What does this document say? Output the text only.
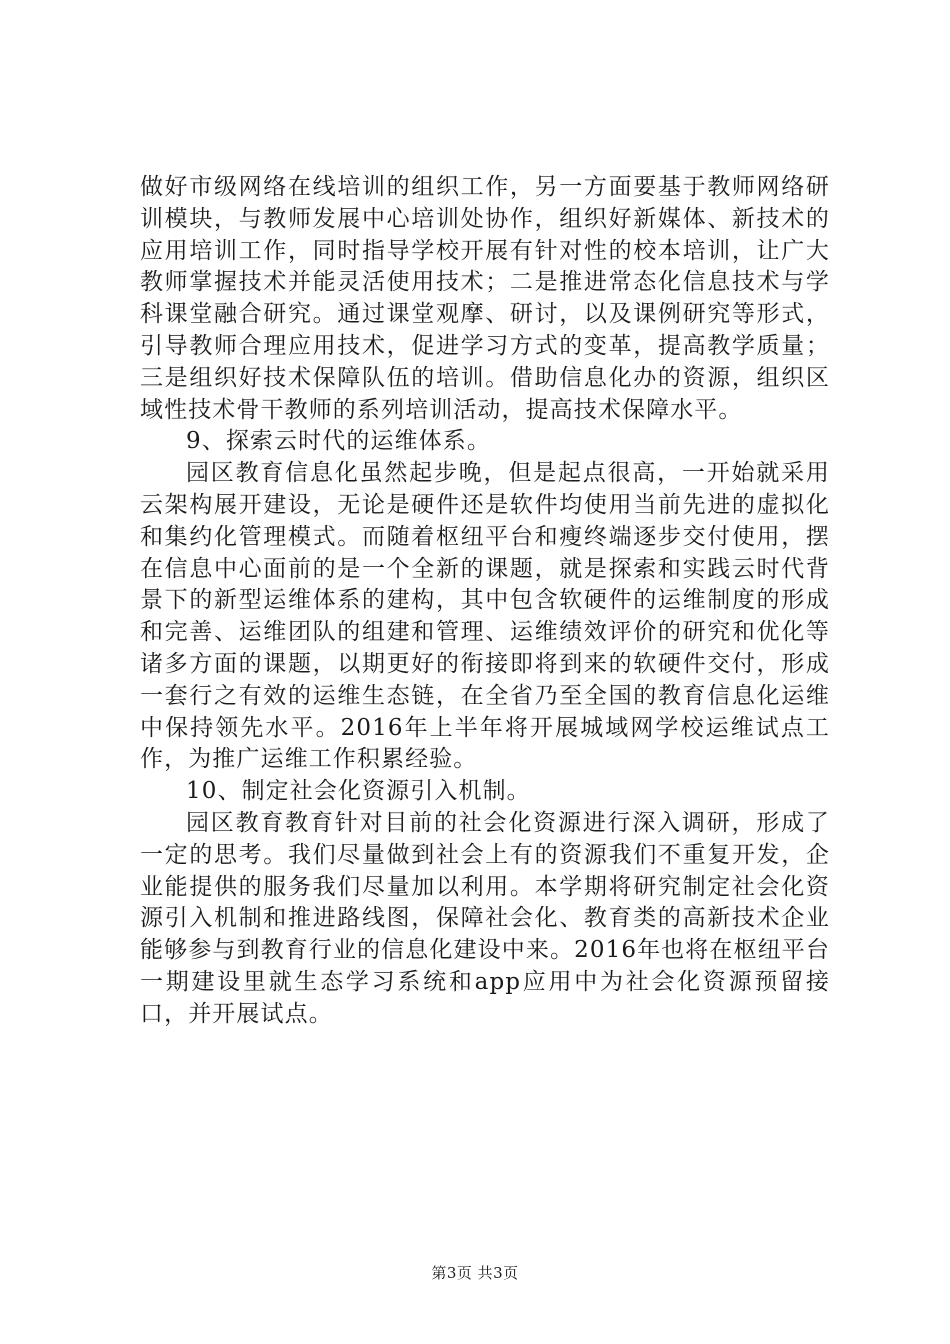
做好市级网络在线培训的组织工作，另一方面要基于教师网络研训模块，与教师发展中心培训处协作，组织好新媒体、新技术的应用培训工作，同时指导学校开展有针对性的校本培训，让广大教师掌握技术并能灵活使用技术；二是推进常态化信息技术与学科课堂融合研究。通过课堂观摩、研讨，以及课例研究等形式，引导教师合理应用技术，促进学习方式的变革，提高教学质量；三是组织好技术保障队伍的培训。借助信息化办的资源，组织区域性技术骨干教师的系列培训活动，提高技术保障水平。

9、探索云时代的运维体系。

园区教育信息化虽然起步晚，但是起点很高，一开始就采用云架构展开建设，无论是硬件还是软件均使用当前先进的虚拟化和集约化管理模式。而随着枢纽平台和瘦终端逐步交付使用，摆在信息中心面前的是一个全新的课题，就是探索和实践云时代背景下的新型运维体系的建构，其中包含软硬件的运维制度的形成和完善、运维团队的组建和管理、运维绩效评价的研究和优化等诸多方面的课题，以期更好的衔接即将到来的软硬件交付，形成一套行之有效的运维生态链，在全省乃至全国的教育信息化运维中保持领先水平。2016年上半年将开展城域网学校运维试点工作，为推广运维工作积累经验。

10、制定社会化资源引入机制。

园区教育教育针对目前的社会化资源进行深入调研，形成了一定的思考。我们尽量做到社会上有的资源我们不重复开发，企业能提供的服务我们尽量加以利用。本学期将研究制定社会化资源引入机制和推进路线图，保障社会化、教育类的高新技术企业能够参与到教育行业的信息化建设中来。2016年也将在枢纽平台一期建设里就生态学习系统和app应用中为社会化资源预留接口，并开展试点。

第3页 共3页
